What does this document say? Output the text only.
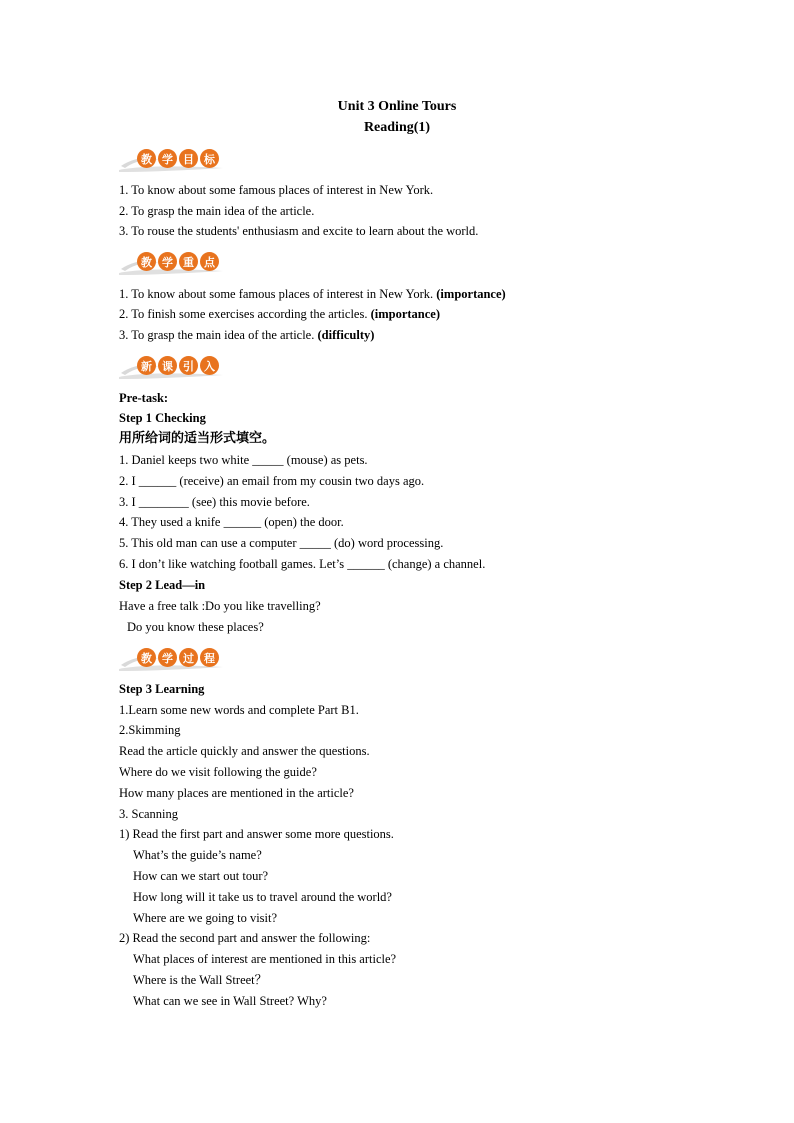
Unit 3 Online Tours
Reading(1)
教 学 目 标
1. To know about some famous places of interest in New York.
2. To grasp the main idea of the article.
3. To rouse the students' enthusiasm and excite to learn about the world.
教 学 重 点
1. To know about some famous places of interest in New York. (importance)
2. To finish some exercises according the articles. (importance)
3. To grasp the main idea of the article. (difficulty)
新 课 引 入
Pre-task:
Step 1 Checking
用所给词的适当形式填空。
1. Daniel keeps two white _____ (mouse) as pets.
2. I ______ (receive) an email from my cousin two days ago.
3. I ________ (see) this movie before.
4. They used a knife ______ (open) the door.
5. This old man can use a computer _____ (do) word processing.
6. I don’t like watching football games. Let’s ______ (change) a channel.
Step 2 Lead—in
Have a free talk :Do you like travelling?
Do you know these places?
教 学 过 程
Step 3 Learning
1.Learn some new words and complete Part B1.
2.Skimming
Read the article quickly and answer the questions.
Where do we visit following the guide?
How many places are mentioned in the article?
3. Scanning
1) Read the first part and answer some more questions.
What’s the guide’s name?
How can we start out tour?
How long will it take us to travel around the world?
Where are we going to visit?
2) Read the second part and answer the following:
What places of interest are mentioned in this article?
Where is the Wall Street？
What can we see in Wall Street? Why?
